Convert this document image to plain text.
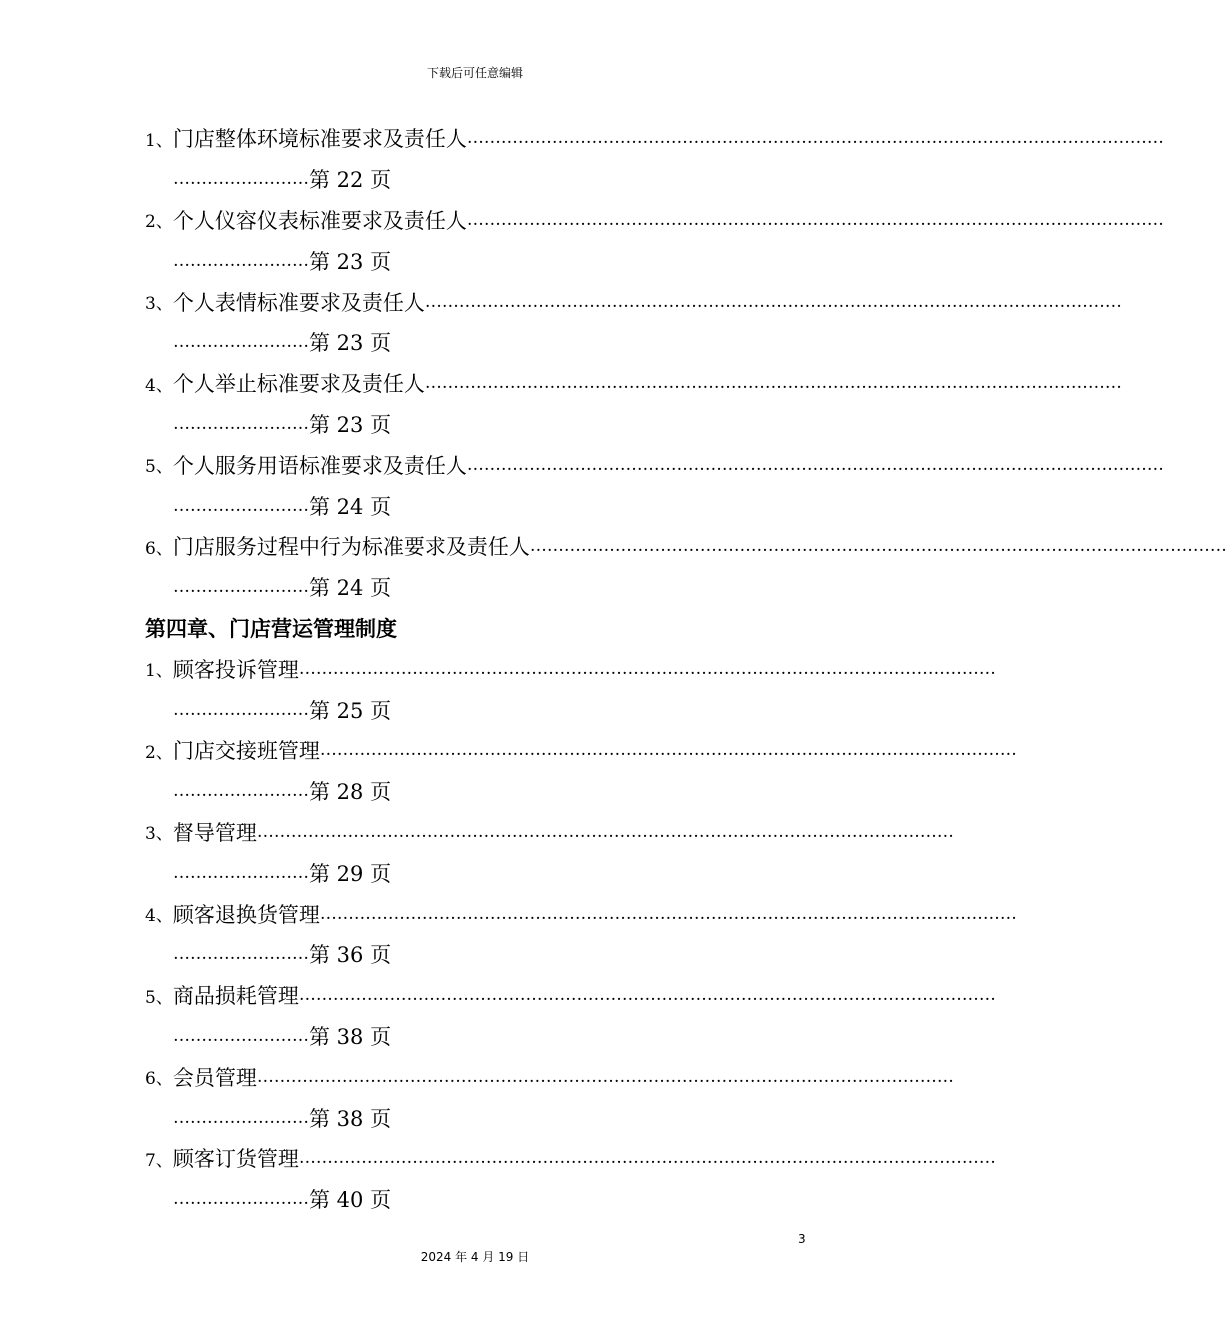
下载后可任意编辑
1、 门店整体环境标准要求及责任人 ……………………………………………………………………………………………………………
…………………… 第 22 页
2、 个人仪容仪表标准要求及责任人 ……………………………………………………………………………………………………………
…………………… 第 23 页
3、 个人表情标准要求及责任人 ……………………………………………………………………………………………………………
…………………… 第 23 页
4、 个人举止标准要求及责任人 ……………………………………………………………………………………………………………
…………………… 第 23 页
5、 个人服务用语标准要求及责任人 ……………………………………………………………………………………………………………
…………………… 第 24 页
6、 门店服务过程中行为标准要求及责任人 ……………………………………………………………………………………………………………
…………………… 第 24 页
第四章、门店营运管理制度
1、 顾客投诉管理 ……………………………………………………………………………………………………………
…………………… 第 25 页
2、 门店交接班管理 ……………………………………………………………………………………………………………
…………………… 第 28 页
3、 督导管理 ……………………………………………………………………………………………………………
…………………… 第 29 页
4、 顾客退换货管理 ……………………………………………………………………………………………………………
…………………… 第 36 页
5、 商品损耗管理 ……………………………………………………………………………………………………………
…………………… 第 38 页
6、 会员管理 ……………………………………………………………………………………………………………
…………………… 第 38 页
7、 顾客订货管理 ……………………………………………………………………………………………………………
…………………… 第 40 页
3
2024 年 4 月 19 日
